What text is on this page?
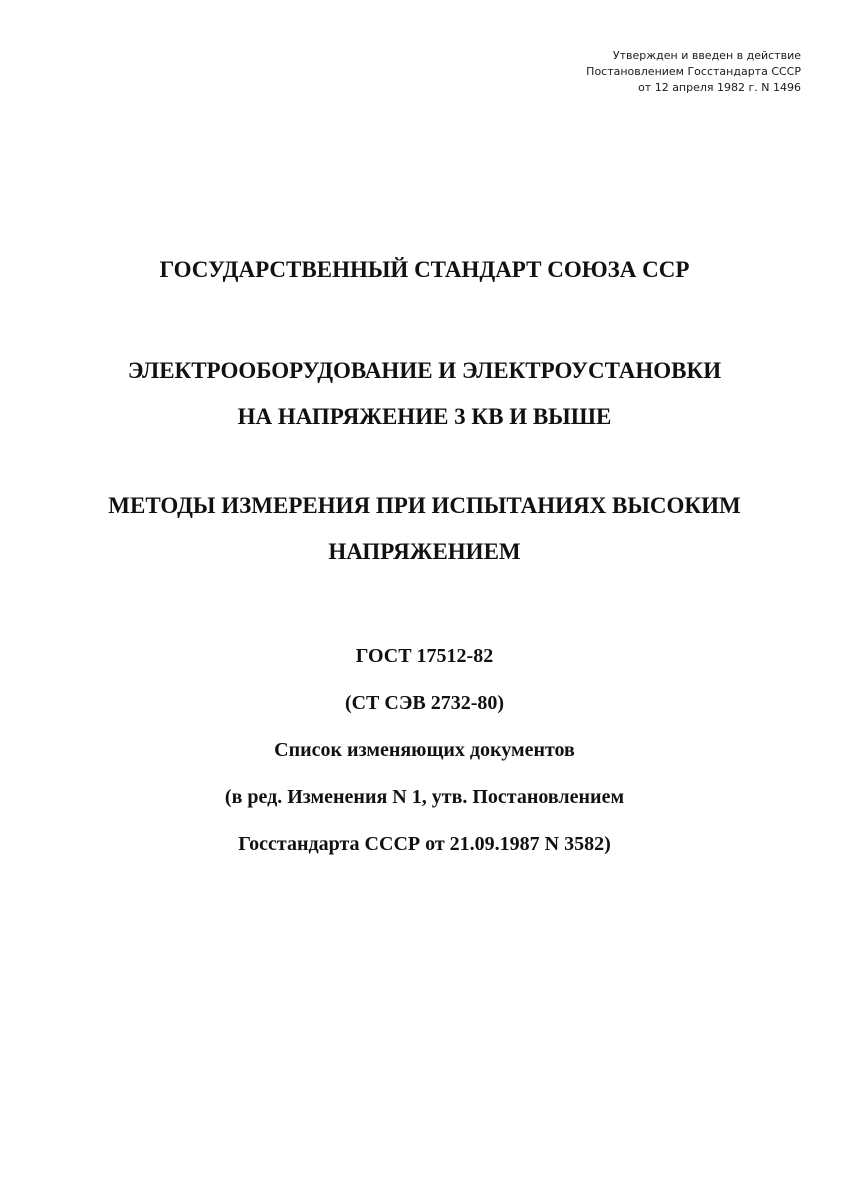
Утвержден и введен в действие
Постановлением Госстандарта СССР
от 12 апреля 1982 г. N 1496
ГОСУДАРСТВЕННЫЙ СТАНДАРТ СОЮЗА ССР
ЭЛЕКТРООБОРУДОВАНИЕ И ЭЛЕКТРОУСТАНОВКИ
НА НАПРЯЖЕНИЕ 3 КВ И ВЫШЕ
МЕТОДЫ ИЗМЕРЕНИЯ ПРИ ИСПЫТАНИЯХ ВЫСОКИМ
НАПРЯЖЕНИЕМ
ГОСТ 17512-82
(СТ СЭВ 2732-80)
Список изменяющих документов
(в ред. Изменения N 1, утв. Постановлением
Госстандарта СССР от 21.09.1987 N 3582)
